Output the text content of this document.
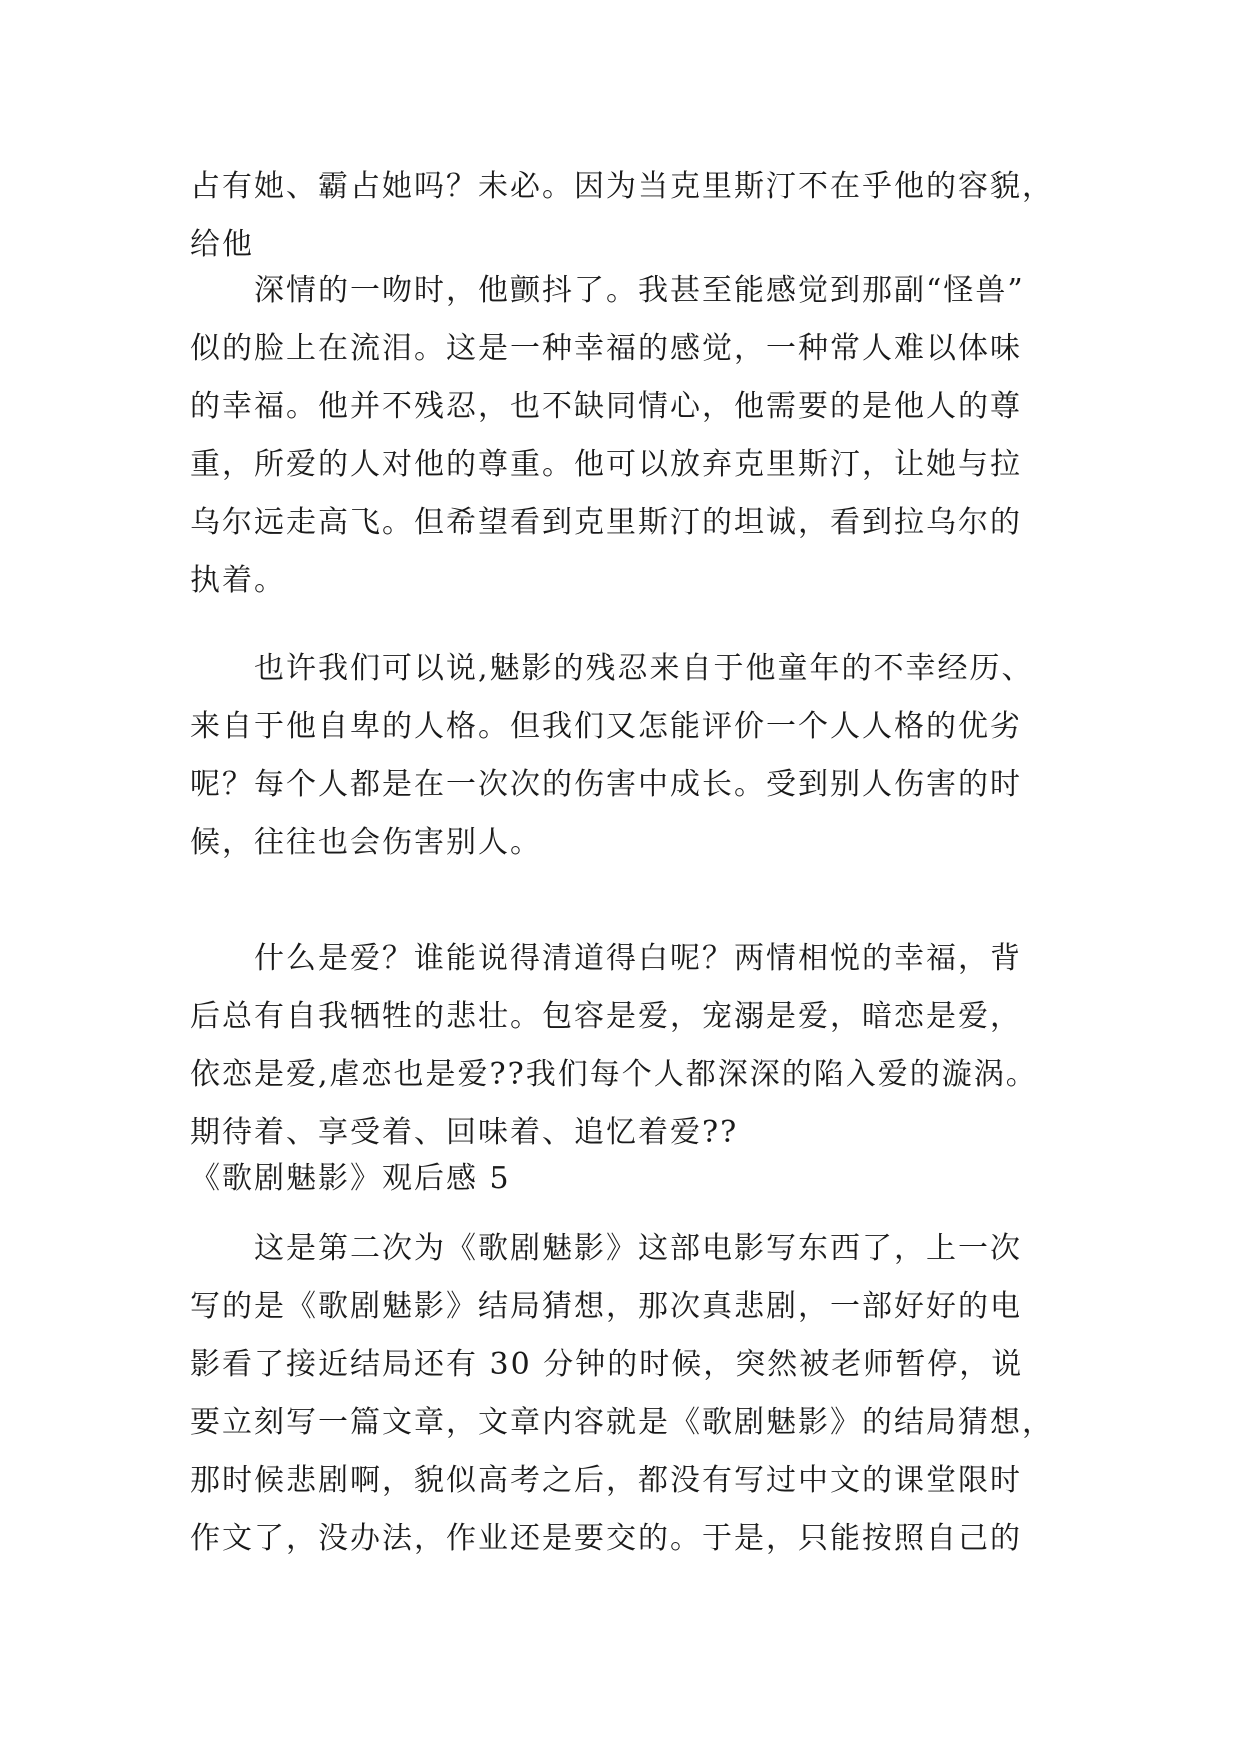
占有她、霸占她吗？未必。因为当克里斯汀不在乎他的容貌，
给他
深情的一吻时，他颤抖了。我甚至能感觉到那副“怪兽”
似的脸上在流泪。这是一种幸福的感觉，一种常人难以体味
的幸福。他并不残忍，也不缺同情心，他需要的是他人的尊
重，所爱的人对他的尊重。他可以放弃克里斯汀，让她与拉
乌尔远走高飞。但希望看到克里斯汀的坦诚，看到拉乌尔的
执着。
也许我们可以说,魅影的残忍来自于他童年的不幸经历、
来自于他自卑的人格。但我们又怎能评价一个人人格的优劣
呢？每个人都是在一次次的伤害中成长。受到别人伤害的时
候，往往也会伤害别人。
什么是爱？谁能说得清道得白呢？两情相悦的幸福，背
后总有自我牺牲的悲壮。包容是爱，宠溺是爱，暗恋是爱，
依恋是爱,虐恋也是爱??我们每个人都深深的陷入爱的漩涡。
期待着、享受着、回味着、追忆着爱??
《歌剧魅影》观后感 5
这是第二次为《歌剧魅影》这部电影写东西了，上一次
写的是《歌剧魅影》结局猜想，那次真悲剧，一部好好的电
影看了接近结局还有 30 分钟的时候，突然被老师暂停，说
要立刻写一篇文章，文章内容就是《歌剧魅影》的结局猜想，
那时候悲剧啊，貌似高考之后，都没有写过中文的课堂限时
作文了，没办法，作业还是要交的。于是，只能按照自己的
